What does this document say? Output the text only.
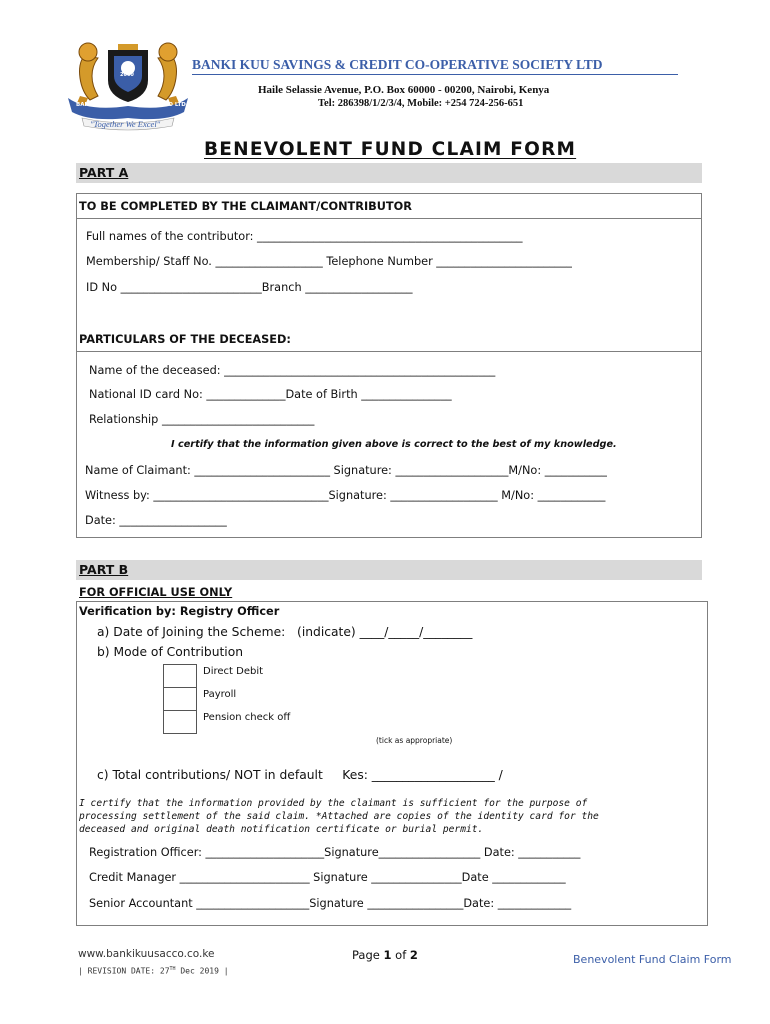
2000
BANKI KUU	SACCO LTD
"Together We Excel"
BANKI KUU SAVINGS & CREDIT CO-OPERATIVE SOCIETY LTD
Haile Selassie Avenue, P.O. Box 60000 - 00200, Nairobi, Kenya
Tel: 286398/1/2/3/4, Mobile: +254 724-256-651
BENEVOLENT FUND CLAIM FORM
PART A
TO BE COMPLETED BY THE CLAIMANT/CONTRIBUTOR
Full names of the contributor: _______________________________________________
Membership/ Staff No. ___________________ Telephone Number ________________________
ID No _________________________Branch ___________________
PARTICULARS OF THE DECEASED:
Name of the deceased: ________________________________________________
National ID card No: ______________Date of Birth ________________
Relationship ___________________________
I certify that the information given above is correct to the best of my knowledge.
Name of Claimant: ________________________ Signature: ____________________M/No: ___________
Witness by: _______________________________Signature: ___________________ M/No: ____________
Date: ___________________
PART B
FOR OFFICIAL USE ONLY
Verification by: Registry Officer
a) Date of Joining the Scheme:   (indicate) ____/_____/________
b) Mode of Contribution
Direct Debit
Payroll
Pension check off
(tick as appropriate)
c) Total contributions/ NOT in default     Kes: ____________________ /
I certify that the information provided by the claimant is sufficient for the purpose of
processing settlement of the said claim. *Attached are copies of the identity card for the
deceased and original death notification certificate or burial permit.
Registration Officer: _____________________Signature__________________ Date: ___________
Credit Manager _______________________ Signature ________________Date _____________
Senior Accountant ____________________Signature _________________Date: _____________
www.bankikuusacco.co.ke
| REVISION DATE: 27TH Dec 2019 |
Page 1 of 2	Benevolent Fund Claim Form
